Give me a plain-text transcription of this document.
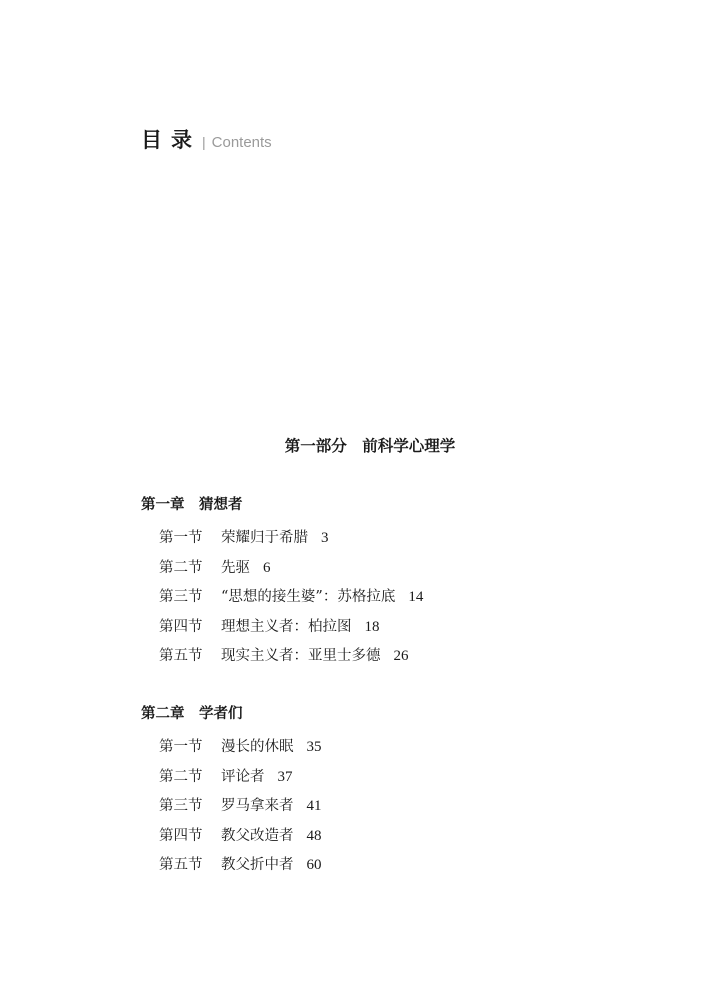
目录 | Contents
第一部分　前科学心理学
第一章　猜想者
第一节	荣耀归于希腊 3
第二节	先驱 6
第三节	“思想的接生婆”：苏格拉底 14
第四节	理想主义者：柏拉图 18
第五节	现实主义者：亚里士多德 26
第二章　学者们
第一节	漫长的休眠 35
第二节	评论者 37
第三节	罗马拿来者 41
第四节	教父改造者 48
第五节	教父折中者 60
